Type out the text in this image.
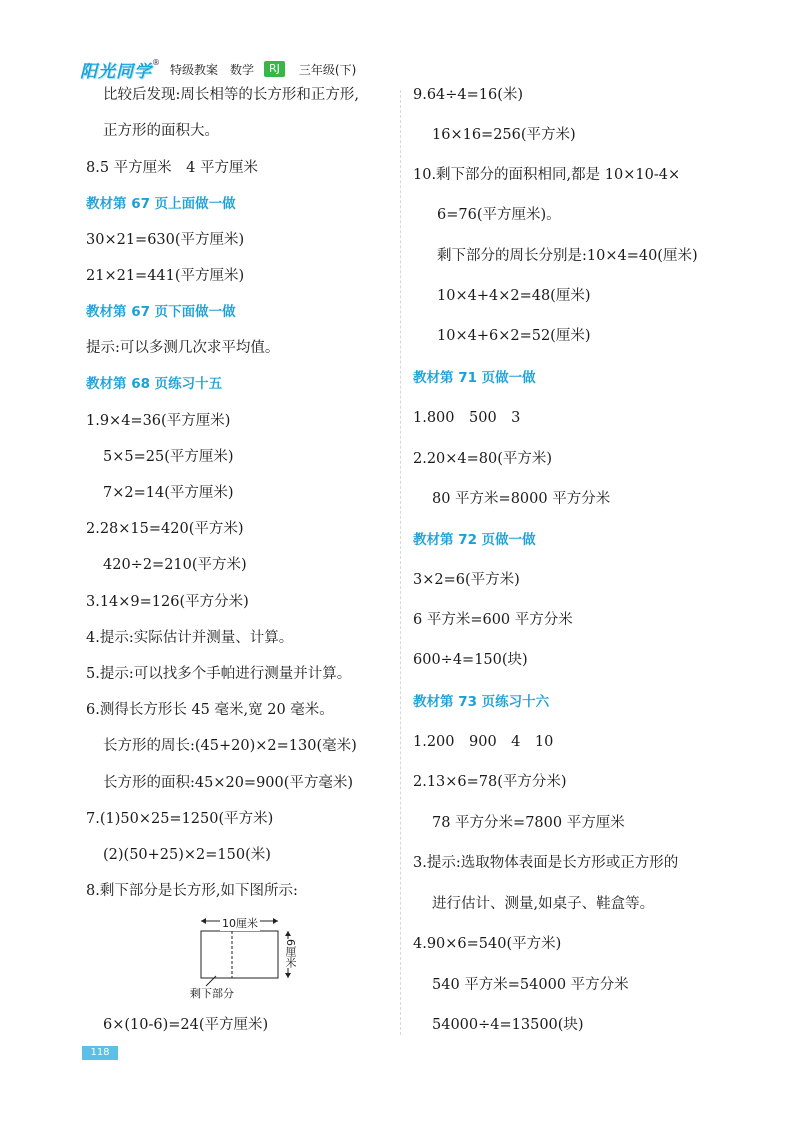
阳光同学 ®
特级教案 数学	RJ	三年级(下)
比较后发现:周长相等的长方形和正方形,
正方形的面积大。
8.5 平方厘米　4 平方厘米
教材第 67 页上面做一做
30×21=630(平方厘米)
21×21=441(平方厘米)
教材第 67 页下面做一做
提示:可以多测几次求平均值。
教材第 68 页练习十五
1.9×4=36(平方厘米)
5×5=25(平方厘米)
7×2=14(平方厘米)
2.28×15=420(平方米)
420÷2=210(平方米)
3.14×9=126(平方分米)
4.提示:实际估计并测量、计算。
5.提示:可以找多个手帕进行测量并计算。
6.测得长方形长 45 毫米,宽 20 毫米。
长方形的周长:(45+20)×2=130(毫米)
长方形的面积:45×20=900(平方毫米)
7.(1)50×25=1250(平方米)
(2)(50+25)×2=150(米)
8.剩下部分是长方形,如下图所示:
6×(10-6)=24(平方厘米)
10厘米
6厘米
剩下部分
9.64÷4=16(米)
16×16=256(平方米)
10.剩下部分的面积相同,都是 10×10-4×
6=76(平方厘米)。
剩下部分的周长分别是:10×4=40(厘米)
10×4+4×2=48(厘米)
10×4+6×2=52(厘米)
教材第 71 页做一做
1.800　500　3
2.20×4=80(平方米)
80 平方米=8000 平方分米
教材第 72 页做一做
3×2=6(平方米)
6 平方米=600 平方分米
600÷4=150(块)
教材第 73 页练习十六
1.200　900　4　10
2.13×6=78(平方分米)
78 平方分米=7800 平方厘米
3.提示:选取物体表面是长方形或正方形的
进行估计、测量,如桌子、鞋盒等。
4.90×6=540(平方米)
540 平方米=54000 平方分米
54000÷4=13500(块)
118
